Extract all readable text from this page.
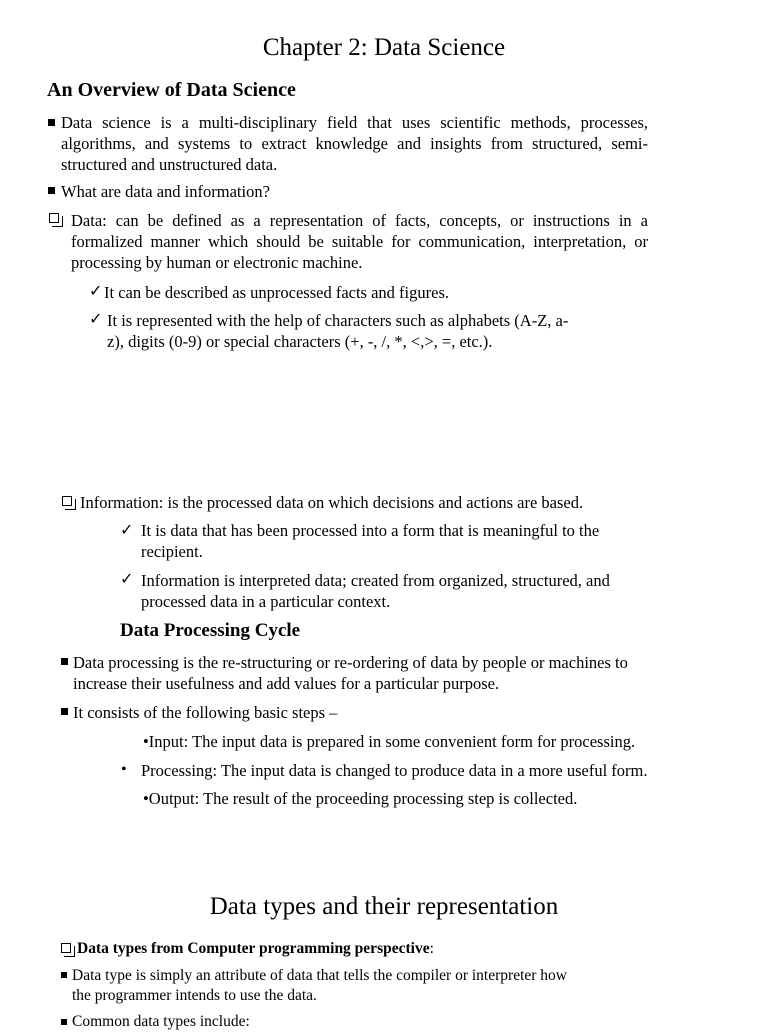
Chapter 2: Data Science
An Overview of Data Science
Data science is a multi-disciplinary field that uses scientific methods, processes, algorithms, and systems to extract knowledge and insights from structured, semi-structured and unstructured data.
What are data and information?
Data: can be defined as a representation of facts, concepts, or instructions in a formalized manner which should be suitable for communication, interpretation, or processing by human or electronic machine.
✓ It can be described as unprocessed facts and figures.
✓ It is represented with the help of characters such as alphabets (A-Z, a-
z), digits (0-9) or special characters (+, -, /, *, <,>, =, etc.).
Information: is the processed data on which decisions and actions are based.
✓ It is data that has been processed into a form that is meaningful to the
recipient.
✓ Information is interpreted data; created from organized, structured, and
processed data in a particular context.
Data Processing Cycle
Data processing is the re-structuring or re-ordering of data by people or machines to
increase their usefulness and add values for a particular purpose.
It consists of the following basic steps –
•Input: The input data is prepared in some convenient form for processing.
• Processing: The input data is changed to produce data in a more useful form.
•Output: The result of the proceeding processing step is collected.
Data types and their representation
Data types from Computer programming perspective:
Data type is simply an attribute of data that tells the compiler or interpreter how
the programmer intends to use the data.
Common data types include:
